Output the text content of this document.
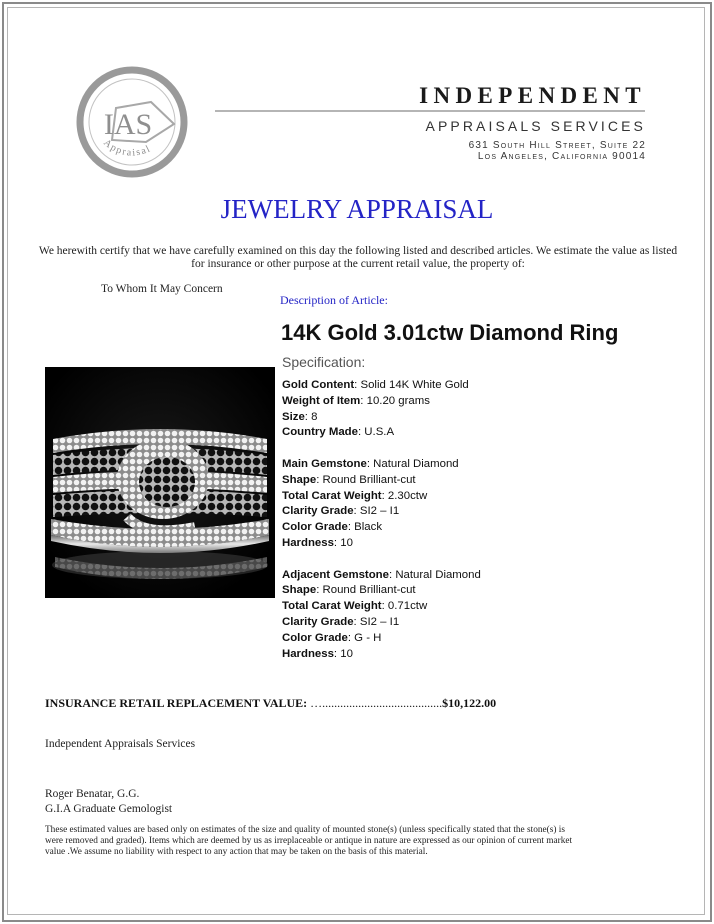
IAS
Appraisal
INDEPENDENT
APPRAISALS SERVICES
631 South Hill Street, Suite 22
Los Angeles, California 90014
JEWELRY APPRAISAL
We herewith certify that we have carefully examined on this day the following listed and described articles. We estimate the value as listed for insurance or other purpose at the current retail value, the property of:
To Whom It May Concern
Description of Article:
14K Gold 3.01ctw Diamond Ring
Specification:
Gold Content: Solid 14K White Gold
Weight of Item: 10.20 grams
Size: 8
Country Made: U.S.A
Main Gemstone: Natural Diamond
Shape: Round Brilliant-cut
Total Carat Weight: 2.30ctw
Clarity Grade: SI2 – I1
Color Grade: Black
Hardness: 10
Adjacent Gemstone: Natural Diamond
Shape: Round Brilliant-cut
Total Carat Weight: 0.71ctw
Clarity Grade: SI2 – I1
Color Grade: G - H
Hardness: 10
INSURANCE RETAIL REPLACEMENT VALUE: …........................................$10,122.00
Independent Appraisals Services
Roger Benatar, G.G.
G.I.A Graduate Gemologist
These estimated values are based only on estimates of the size and quality of mounted stone(s) (unless specifically stated that the stone(s) is were removed and graded). Items which are deemed by us as irreplaceable or antique in nature are expressed as our opinion of current market value .We assume no liability with respect to any action that may be taken on the basis of this material.
